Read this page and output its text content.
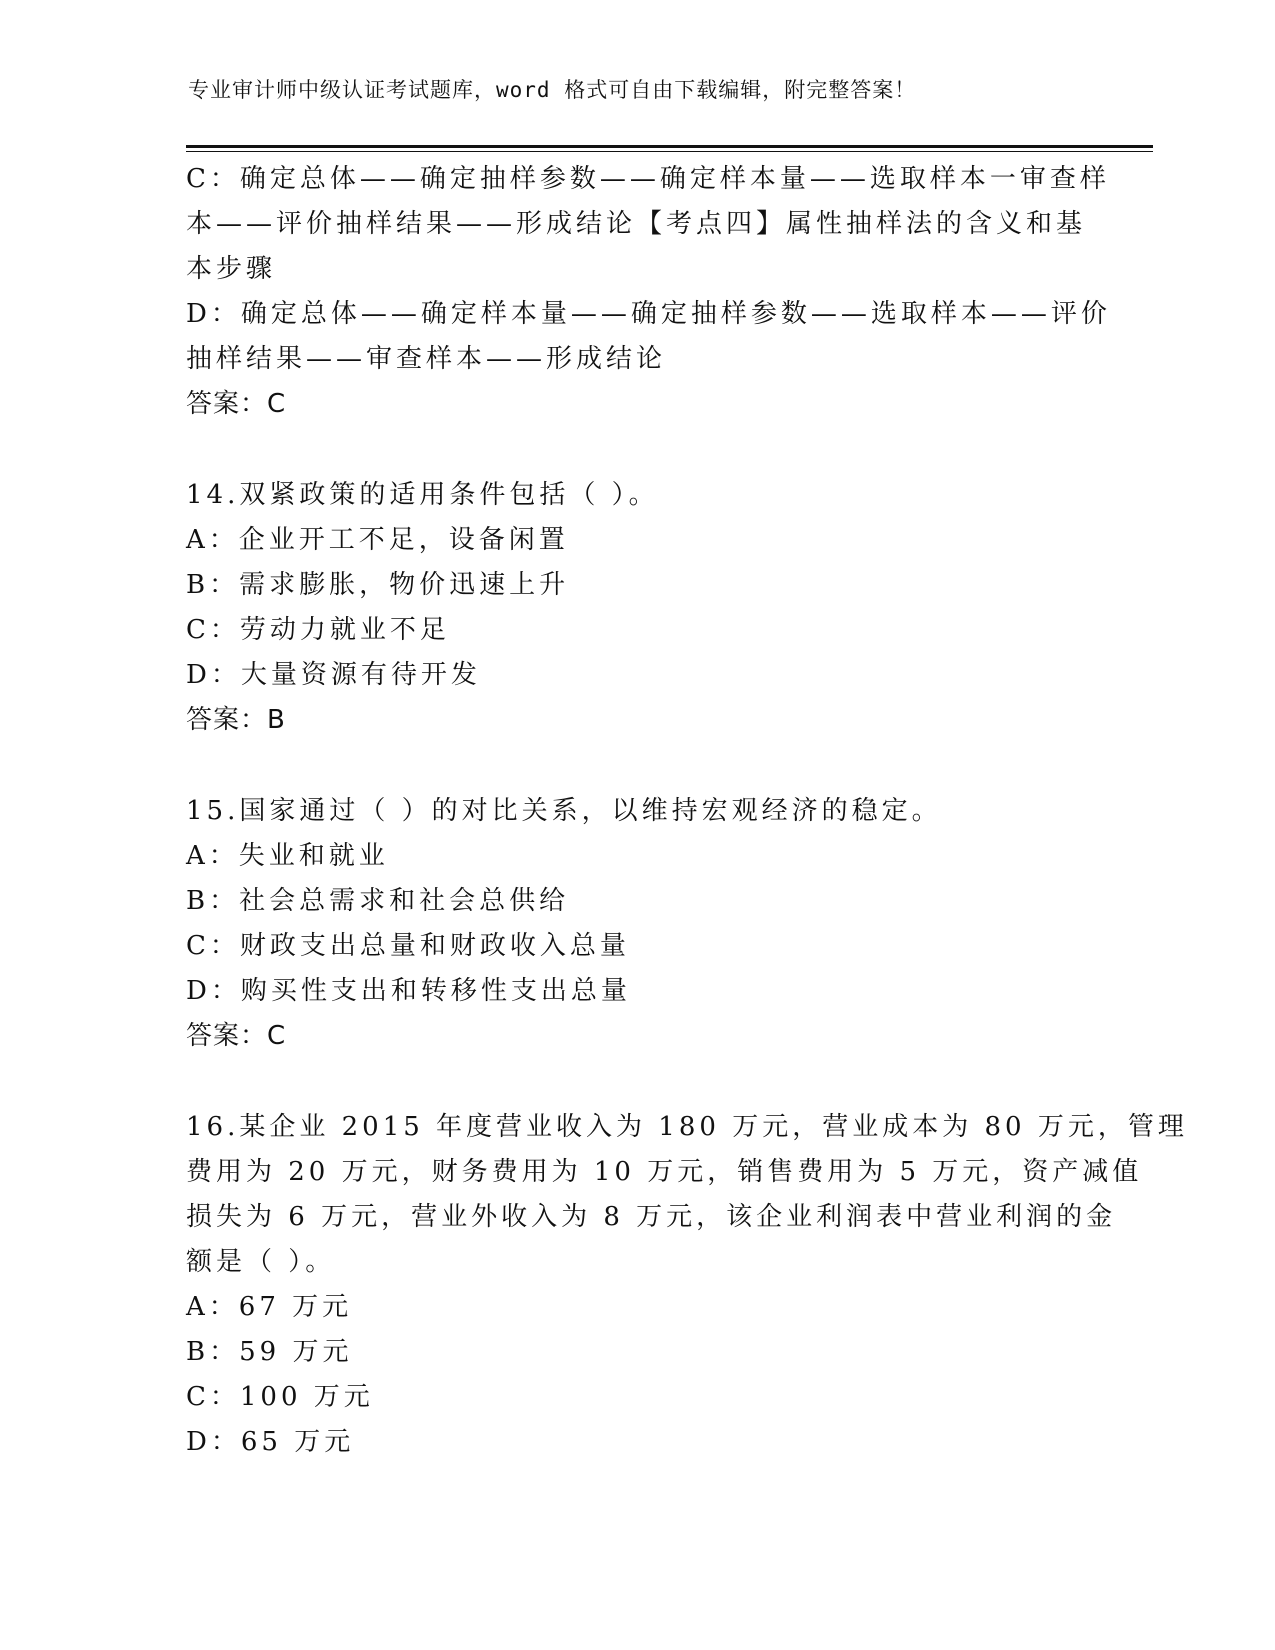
专业审计师中级认证考试题库，word 格式可自由下载编辑，附完整答案！
C：确定总体——确定抽样参数——确定样本量——选取样本一审查样
本——评价抽样结果——形成结论【考点四】属性抽样法的含义和基
本步骤
D：确定总体——确定样本量——确定抽样参数——选取样本——评价
抽样结果——审查样本——形成结论
答案：C
14.双紧政策的适用条件包括（ ）。
A：企业开工不足，设备闲置
B：需求膨胀，物价迅速上升
C：劳动力就业不足
D：大量资源有待开发
答案：B
15.国家通过（ ）的对比关系，以维持宏观经济的稳定。
A：失业和就业
B：社会总需求和社会总供给
C：财政支出总量和财政收入总量
D：购买性支出和转移性支出总量
答案：C
16.某企业 2015 年度营业收入为 180 万元，营业成本为 80 万元，管理
费用为 20 万元，财务费用为 10 万元，销售费用为 5 万元，资产减值
损失为 6 万元，营业外收入为 8 万元，该企业利润表中营业利润的金
额是（ ）。
A：67 万元
B：59 万元
C：100 万元
D：65 万元
